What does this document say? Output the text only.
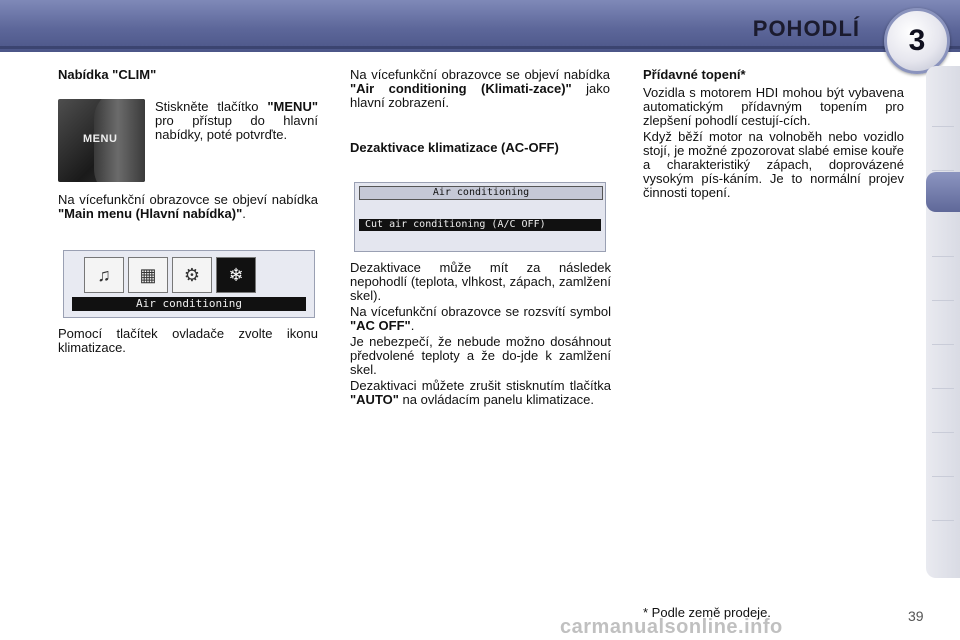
POHODLÍ	3
Nabídka "CLIM"
MENU

Stiskněte tlačítko "MENU" pro přístup do hlavní nabídky, poté potvrďte.

Na vícefunkční obrazovce se objeví nabídka "Main menu (Hlavní nabídka)".

♫	▦	⚙	❄
Air conditioning

Pomocí tlačítek ovladače zvolte ikonu klimatizace.

Na vícefunkční obrazovce se objeví nabídka "Air conditioning (Klimati-zace)" jako hlavní zobrazení.

Dezaktivace klimatizace (AC-OFF)
Air conditioning
Cut air conditioning (A/C OFF)

Dezaktivace může mít za následek nepohodlí (teplota, vlhkost, zápach, zamlžení skel).

Na vícefunkční obrazovce se rozsvítí symbol "AC OFF".

Je nebezpečí, že nebude možno dosáhnout předvolené teploty a že do-jde k zamlžení skel.

Dezaktivaci můžete zrušit stisknutím tlačítka "AUTO" na ovládacím panelu klimatizace.

Přídavné topení*

Vozidla s motorem HDI mohou být vybavena automatickým přídavným topením pro zlepšení pohodlí cestují-cích.

Když běží motor na volnoběh nebo vozidlo stojí, je možné zpozorovat slabé emise kouře a charakteristiký zápach, doprovázené vysokým pís-káním. Je to normální projev činnosti topení.

* Podle země prodeje.	39
carmanualsonline.info
